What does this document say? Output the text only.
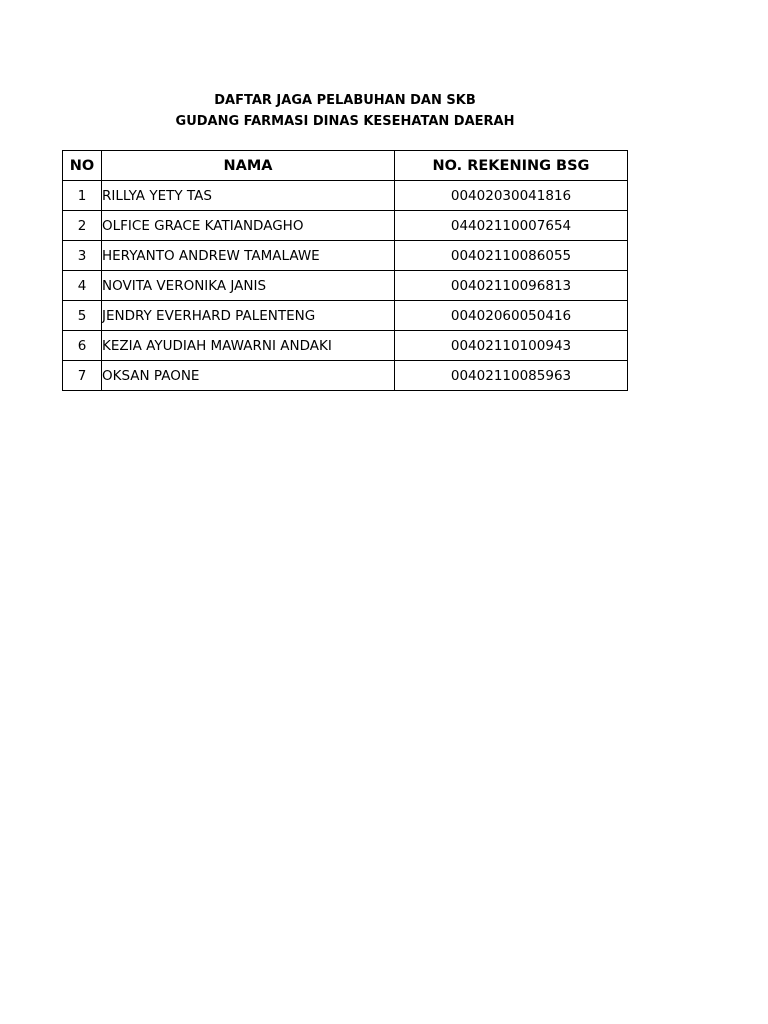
DAFTAR JAGA PELABUHAN DAN SKB
GUDANG FARMASI DINAS KESEHATAN DAERAH
NO	NAMA	NO. REKENING BSG
1	RILLYA YETY TAS	00402030041816
2	OLFICE GRACE KATIANDAGHO	04402110007654
3	HERYANTO ANDREW TAMALAWE	00402110086055
4	NOVITA VERONIKA JANIS	00402110096813
5	JENDRY EVERHARD PALENTENG	00402060050416
6	KEZIA AYUDIAH MAWARNI ANDAKI	00402110100943
7	OKSAN PAONE	00402110085963
